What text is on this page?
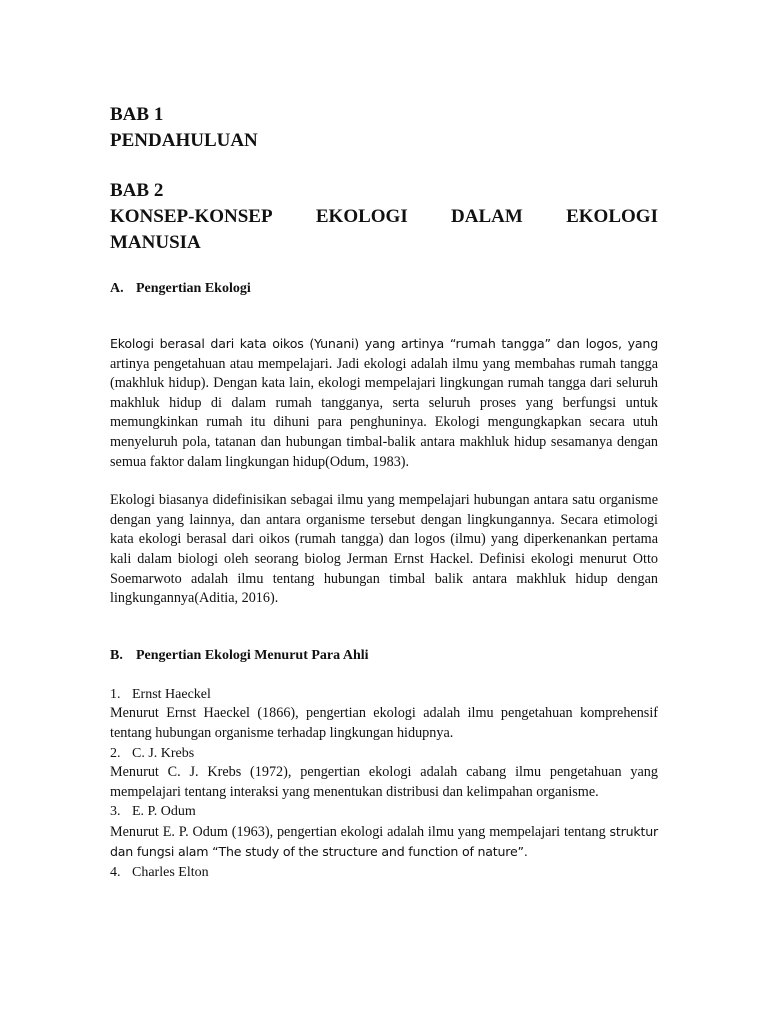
BAB 1
PENDAHULUAN
BAB 2
KONSEP-KONSEP EKOLOGI DALAM EKOLOGI
MANUSIA
A. Pengertian Ekologi

Ekologi berasal dari kata oikos (Yunani) yang artinya “rumah tangga” dan logos, yang artinya pengetahuan atau mempelajari. Jadi ekologi adalah ilmu yang membahas rumah tangga (makhluk hidup). Dengan kata lain, ekologi mempelajari lingkungan rumah tangga dari seluruh makhluk hidup di dalam rumah tangganya, serta seluruh proses yang berfungsi untuk memungkinkan rumah itu dihuni para penghuninya. Ekologi mengungkapkan secara utuh menyeluruh pola, tatanan dan hubungan timbal-balik antara makhluk hidup sesamanya dengan semua faktor dalam lingkungan hidup(Odum, 1983).

Ekologi biasanya didefinisikan sebagai ilmu yang mempelajari hubungan antara satu organisme dengan yang lainnya, dan antara organisme tersebut dengan lingkungannya. Secara etimologi kata ekologi berasal dari oikos (rumah tangga) dan logos (ilmu) yang diperkenankan pertama kali dalam biologi oleh seorang biolog Jerman Ernst Hackel. Definisi ekologi menurut Otto Soemarwoto adalah ilmu tentang hubungan timbal balik antara makhluk hidup dengan lingkungannya(Aditia, 2016).

B. Pengertian Ekologi Menurut Para Ahli
1. Ernst Haeckel

Menurut Ernst Haeckel (1866), pengertian ekologi adalah ilmu pengetahuan komprehensif tentang hubungan organisme terhadap lingkungan hidupnya.

2. C. J. Krebs

Menurut C. J. Krebs (1972), pengertian ekologi adalah cabang ilmu pengetahuan yang mempelajari tentang interaksi yang menentukan distribusi dan kelimpahan organisme.

3. E. P. Odum

Menurut E. P. Odum (1963), pengertian ekologi adalah ilmu yang mempelajari tentang struktur dan fungsi alam “The study of the structure and function of nature”.

4. Charles Elton
